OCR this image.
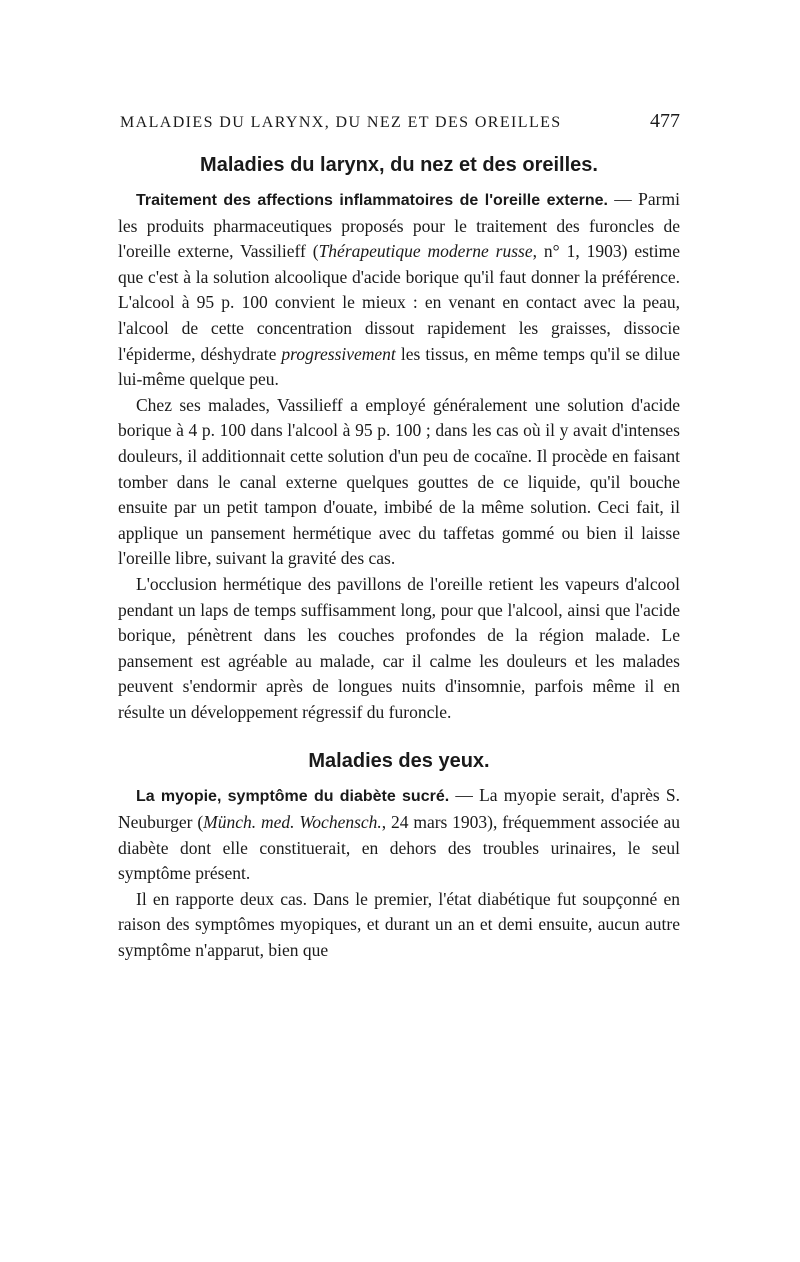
MALADIES DU LARYNX, DU NEZ ET DES OREILLES	477
Maladies du larynx, du nez et des oreilles.

Traitement des affections inflammatoires de l'oreille externe. — Parmi les produits pharmaceutiques proposés pour le traitement des furoncles de l'oreille externe, Vassilieff (Thérapeutique moderne russe, n° 1, 1903) estime que c'est à la solution alcoolique d'acide borique qu'il faut donner la préférence. L'alcool à 95 p. 100 convient le mieux : en venant en contact avec la peau, l'alcool de cette concentration dissout rapidement les graisses, dissocie l'épiderme, déshydrate progressivement les tissus, en même temps qu'il se dilue lui-même quelque peu.

Chez ses malades, Vassilieff a employé généralement une solution d'acide borique à 4 p. 100 dans l'alcool à 95 p. 100 ; dans les cas où il y avait d'intenses douleurs, il additionnait cette solution d'un peu de cocaïne. Il procède en faisant tomber dans le canal externe quelques gouttes de ce liquide, qu'il bouche ensuite par un petit tampon d'ouate, imbibé de la même solution. Ceci fait, il applique un pansement hermétique avec du taffetas gommé ou bien il laisse l'oreille libre, suivant la gravité des cas.

L'occlusion hermétique des pavillons de l'oreille retient les vapeurs d'alcool pendant un laps de temps suffisamment long, pour que l'alcool, ainsi que l'acide borique, pénètrent dans les couches profondes de la région malade. Le pansement est agréable au malade, car il calme les douleurs et les malades peuvent s'endormir après de longues nuits d'insomnie, parfois même il en résulte un développement régressif du furoncle.

Maladies des yeux.

La myopie, symptôme du diabète sucré. — La myopie serait, d'après S. Neuburger (Münch. med. Wochensch., 24 mars 1903), fréquemment associée au diabète dont elle constituerait, en dehors des troubles urinaires, le seul symptôme présent.

Il en rapporte deux cas. Dans le premier, l'état diabétique fut soupçonné en raison des symptômes myopiques, et durant un an et demi ensuite, aucun autre symptôme n'apparut, bien que
